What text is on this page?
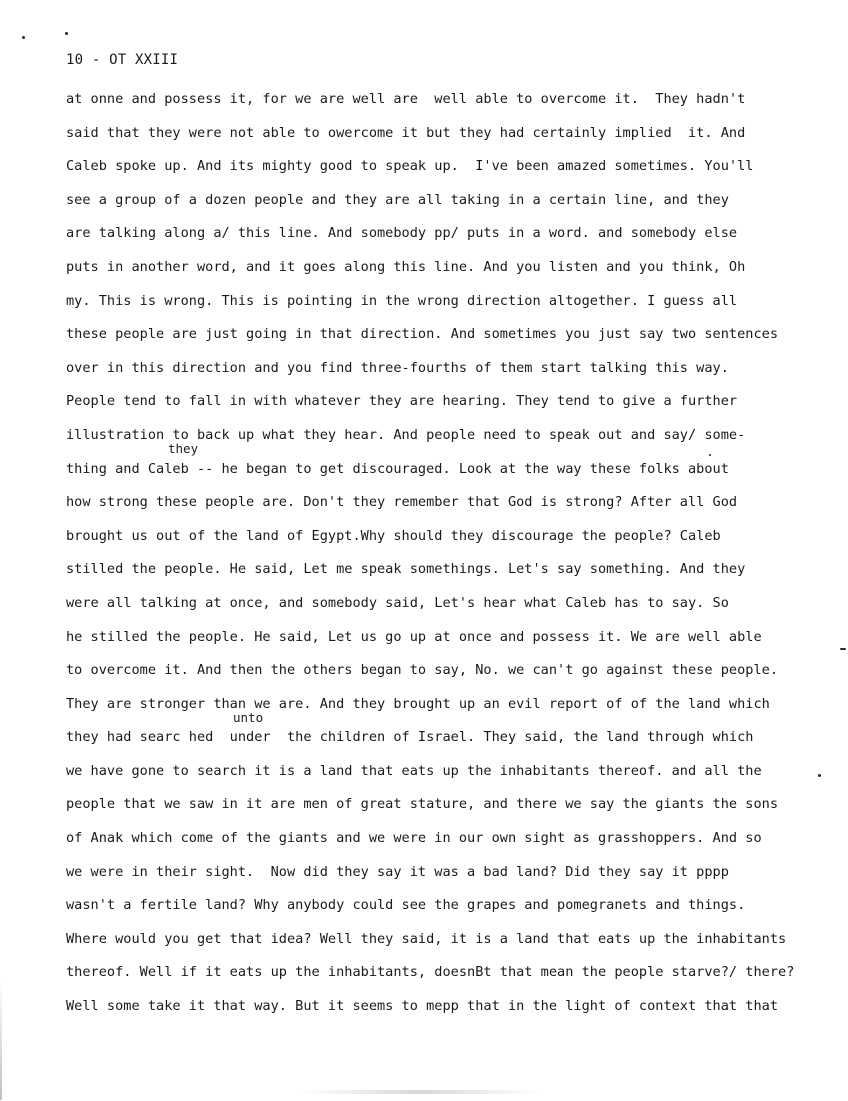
10 - OT XXIII
they
unto
at onne and possess it, for we are well are  well able to overcome it.  They hadn't
said that they were not able to owercome it but they had certainly implied  it. And
Caleb spoke up. And its mighty good to speak up.  I've been amazed sometimes. You'll
see a group of a dozen people and they are all taking in a certain line, and they
are talking along a/ this line. And somebody pp/ puts in a word. and somebody else
puts in another word, and it goes along this line. And you listen and you think, Oh
my. This is wrong. This is pointing in the wrong direction altogether. I guess all
these people are just going in that direction. And sometimes you just say two sentences
over in this direction and you find three-fourths of them start talking this way.
People tend to fall in with whatever they are hearing. They tend to give a further
illustration to back up what they hear. And people need to speak out and say/ some-
thing and Caleb -- he began to get discouraged. Look at the way these folks about
how strong these people are. Don't they remember that God is strong? After all God
brought us out of the land of Egypt.Why should they discourage the people? Caleb
stilled the people. He said, Let me speak somethings. Let's say something. And they
were all talking at once, and somebody said, Let's hear what Caleb has to say. So
he stilled the people. He said, Let us go up at once and possess it. We are well able
to overcome it. And then the others began to say, No. we can't go against these people.
They are stronger than we are. And they brought up an evil report of of the land which
they had searc hed  under  the children of Israel. They said, the land through which
we have gone to search it is a land that eats up the inhabitants thereof. and all the
people that we saw in it are men of great stature, and there we say the giants the sons
of Anak which come of the giants and we were in our own sight as grasshoppers. And so
we were in their sight.  Now did they say it was a bad land? Did they say it pppp
wasn't a fertile land? Why anybody could see the grapes and pomegranets and things.
Where would you get that idea? Well they said, it is a land that eats up the inhabitants
thereof. Well if it eats up the inhabitants, doesnBt that mean the people starve?/ there?
Well some take it that way. But it seems to mepp that in the light of context that that
